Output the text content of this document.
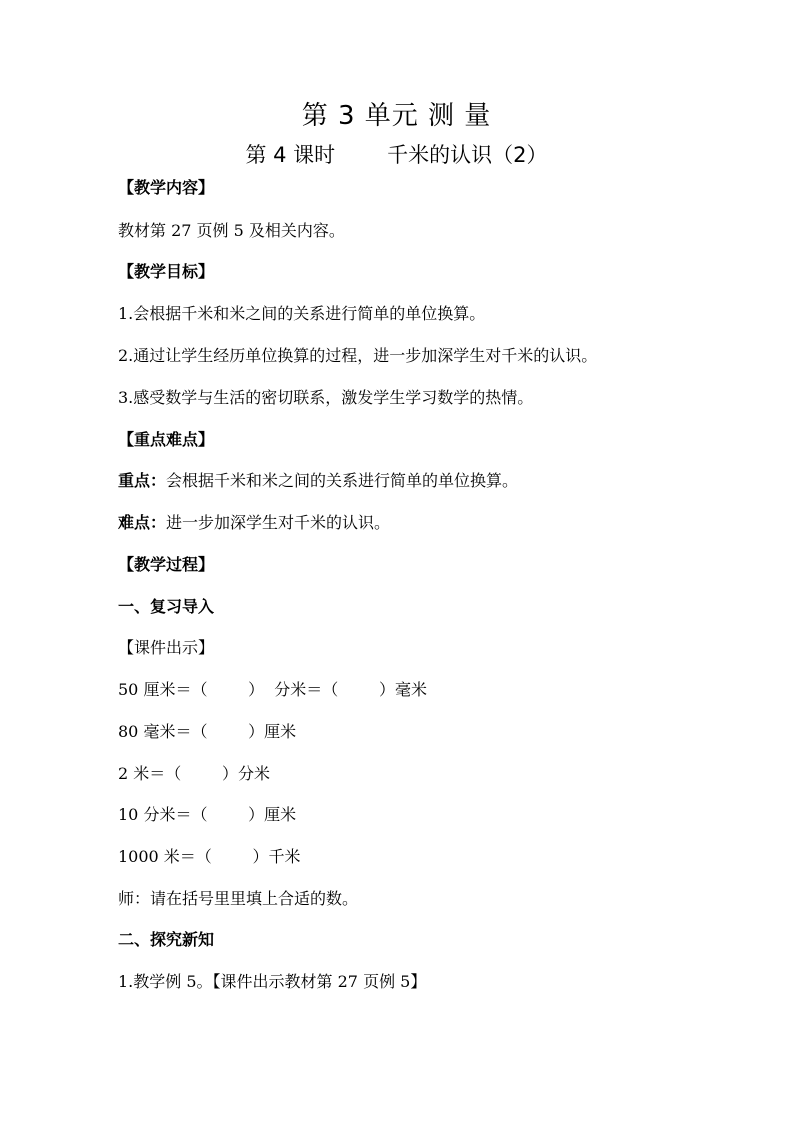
第 3 单元 测 量
第 4 课时 千米的认识（2）
【教学内容】
教材第 27 页例 5 及相关内容。
【教学目标】
1.会根据千米和米之间的关系进行简单的单位换算。
2.通过让学生经历单位换算的过程，进一步加深学生对千米的认识。
3.感受数学与生活的密切联系，激发学生学习数学的热情。
【重点难点】
重点：会根据千米和米之间的关系进行简单的单位换算。
难点：进一步加深学生对千米的认识。
【教学过程】
一、复习导入
【课件出示】
50 厘米＝（        ）  分米＝（        ）毫米
80 毫米＝（        ）厘米
2 米＝（        ）分米
10 分米＝（        ）厘米
1000 米＝（        ）千米
师：请在括号里里填上合适的数。
二、探究新知
1.教学例 5。【课件出示教材第 27 页例 5】
